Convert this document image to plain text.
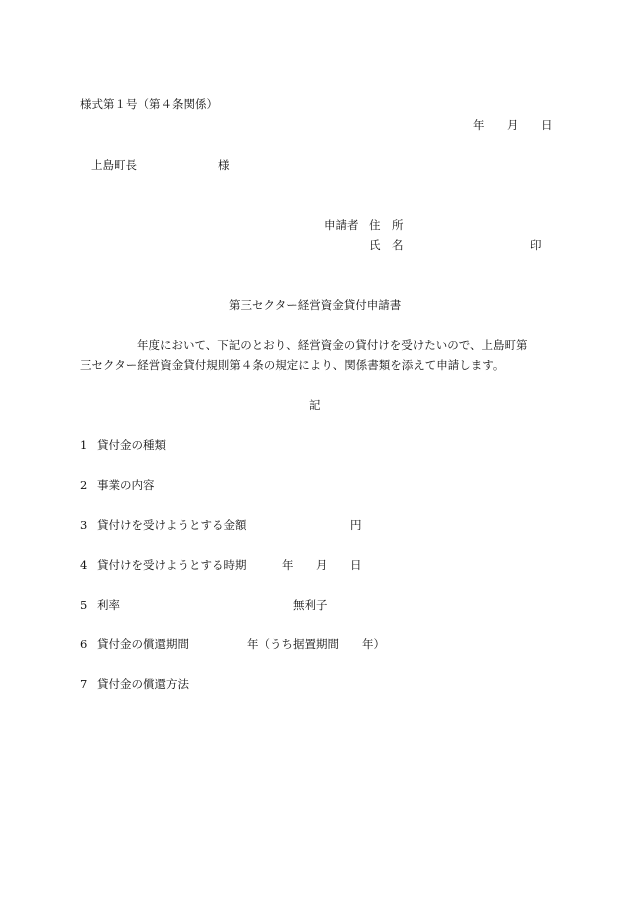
様式第１号（第４条関係）
年 月 日
上島町長	様
申請者 住　所
氏　名	印
第三セクター経営資金貸付申請書
年度において、下記のとおり、経営資金の貸付けを受けたいので、上島町第
三セクター経営資金貸付規則第４条の規定により、関係書類を添えて申請します。
記
1 貸付金の種類
2 事業の内容
3 貸付けを受けようとする金額	円
4 貸付けを受けようとする時期	年 月 日
5 利率	無利子
6 貸付金の償還期間	年（うち据置期間 年）
7 貸付金の償還方法
